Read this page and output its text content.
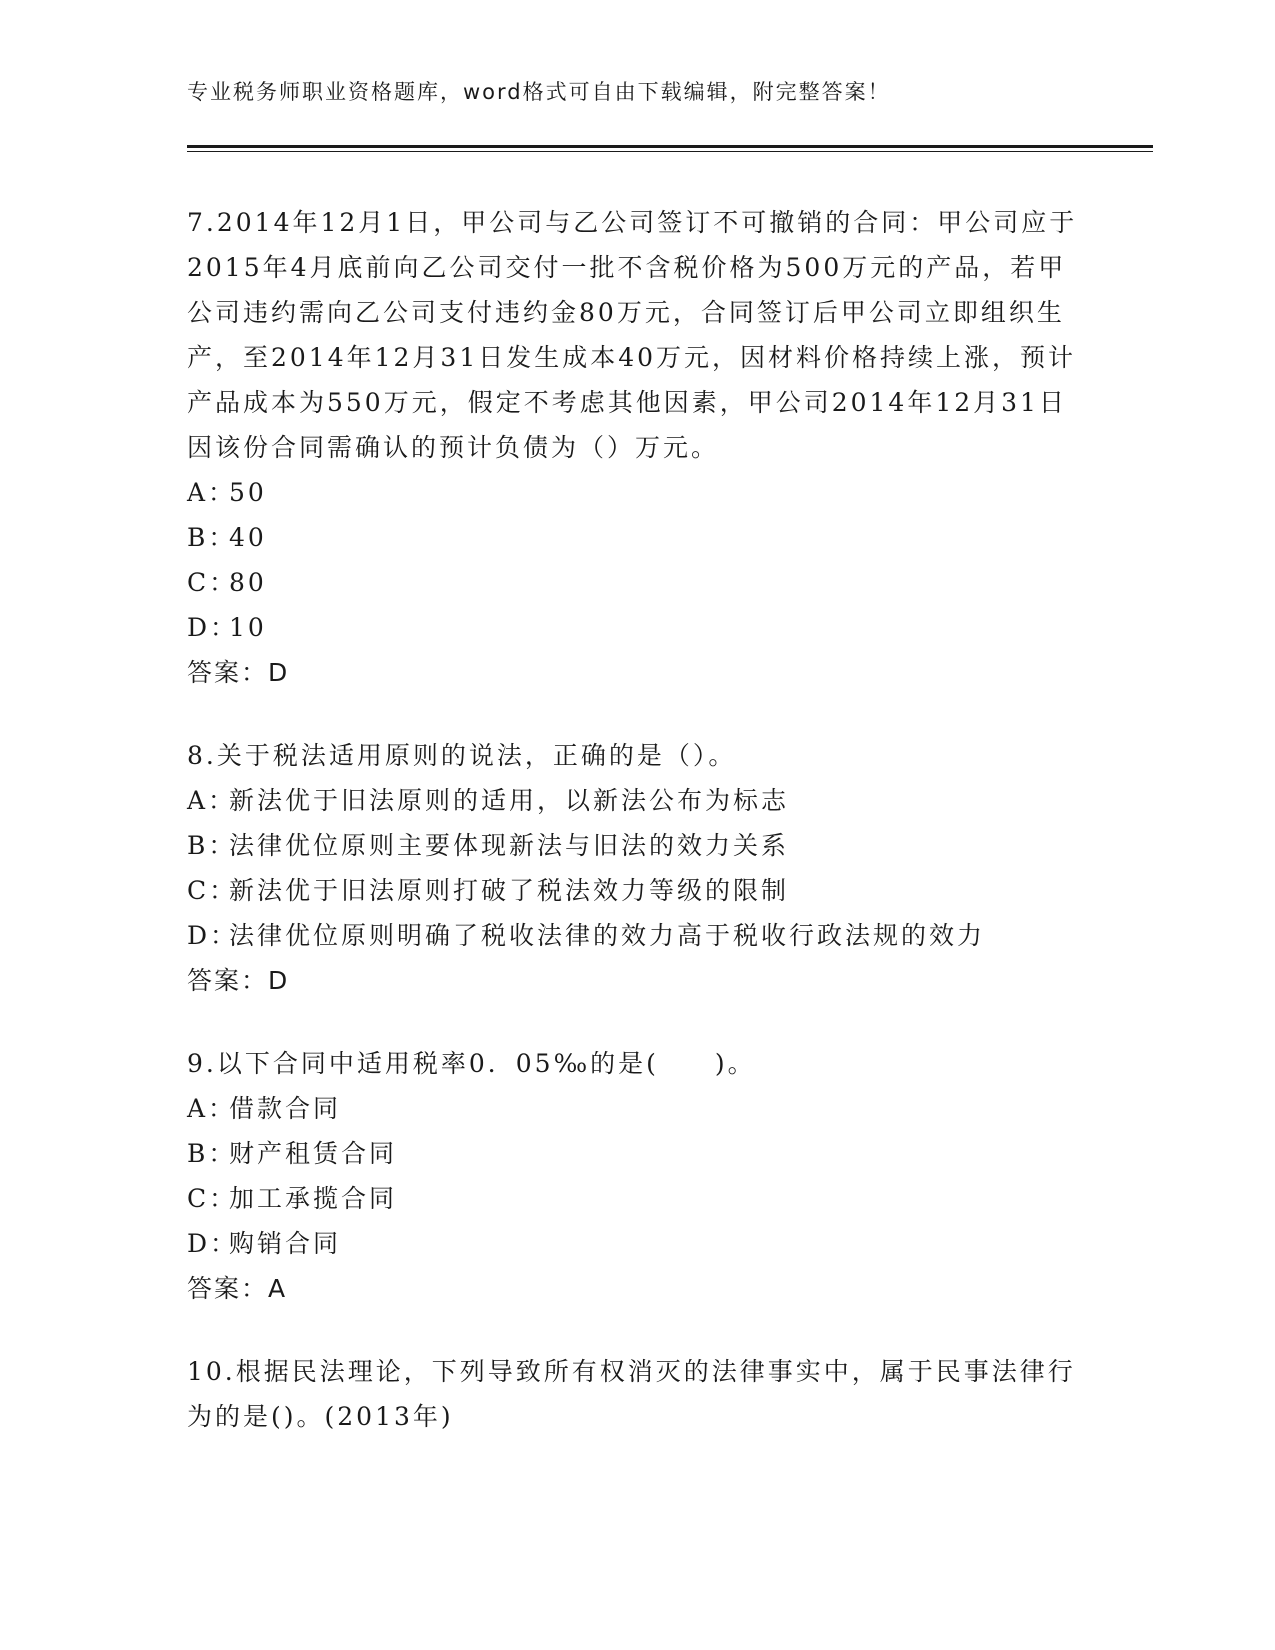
专业税务师职业资格题库，word格式可自由下载编辑，附完整答案！

7.2014年12月1日，甲公司与乙公司签订不可撤销的合同：甲公司应于2015年4月底前向乙公司交付一批不含税价格为500万元的产品，若甲公司违约需向乙公司支付违约金80万元，合同签订后甲公司立即组织生产，至2014年12月31日发生成本40万元，因材料价格持续上涨，预计产品成本为550万元，假定不考虑其他因素，甲公司2014年12月31日因该份合同需确认的预计负债为（）万元。

A：50
B：40
C：80
D：10
答案：D

8.关于税法适用原则的说法，正确的是（）。

A：新法优于旧法原则的适用，以新法公布为标志
B：法律优位原则主要体现新法与旧法的效力关系
C：新法优于旧法原则打破了税法效力等级的限制
D：法律优位原则明确了税收法律的效力高于税收行政法规的效力
答案：D

9.以下合同中适用税率0．05‰的是(　　)。

A：借款合同
B：财产租赁合同
C：加工承揽合同
D：购销合同
答案：A

10.根据民法理论，下列导致所有权消灭的法律事实中，属于民事法律行为的是()。(2013年)
